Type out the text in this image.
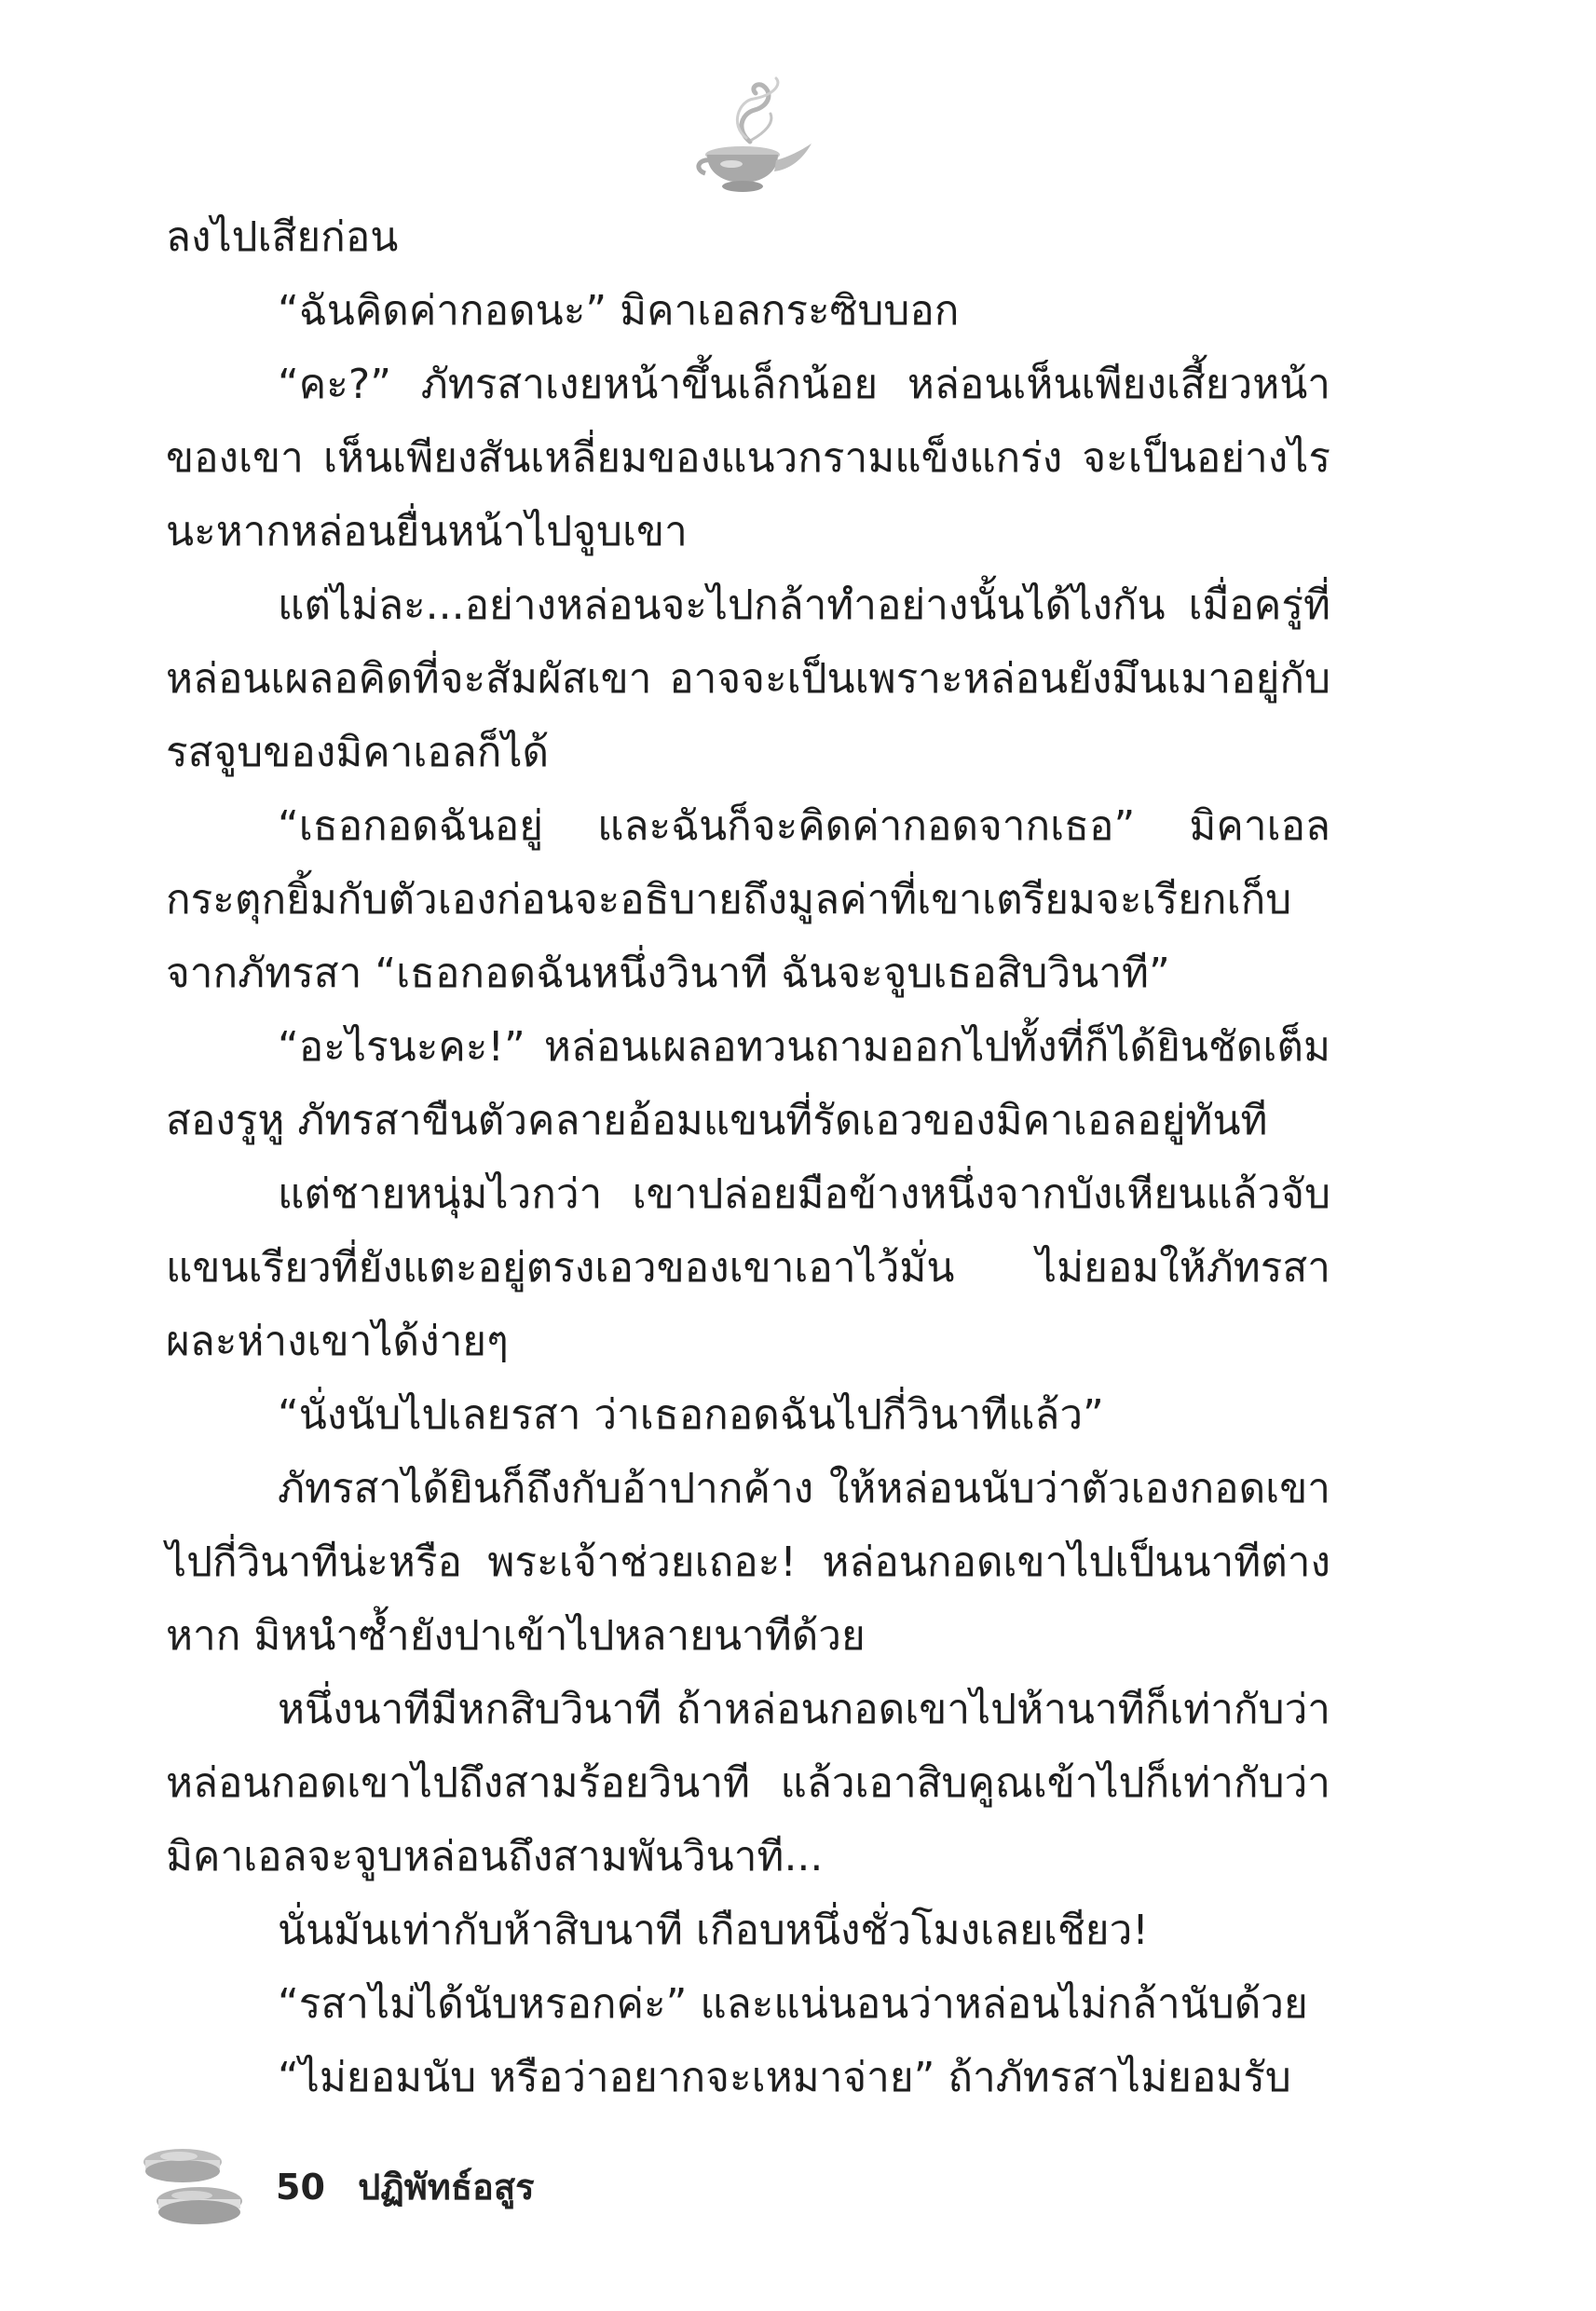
ลงไปเสียก่อน

“ฉันคิดค่ากอดนะ” มิคาเอลกระซิบบอก

“คะ?” ภัทรสาเงยหน้าขึ้นเล็กน้อย หล่อนเห็นเพียงเสี้ยวหน้าของเขา เห็นเพียงสันเหลี่ยมของแนวกรามแข็งแกร่ง จะเป็นอย่างไรนะหากหล่อนยื่นหน้าไปจูบเขา

แต่ไม่ละ...อย่างหล่อนจะไปกล้าทำอย่างนั้นได้ไงกัน เมื่อครู่ที่หล่อนเผลอคิดที่จะสัมผัสเขา อาจจะเป็นเพราะหล่อนยังมึนเมาอยู่กับรสจูบของมิคาเอลก็ได้

“เธอกอดฉันอยู่ และฉันก็จะคิดค่ากอดจากเธอ” มิคาเอลกระตุกยิ้มกับตัวเองก่อนจะอธิบายถึงมูลค่าที่เขาเตรียมจะเรียกเก็บจากภัทรสา “เธอกอดฉันหนึ่งวินาที ฉันจะจูบเธอสิบวินาที”

“อะไรนะคะ!” หล่อนเผลอทวนถามออกไปทั้งที่ก็ได้ยินชัดเต็มสองรูหู ภัทรสาขืนตัวคลายอ้อมแขนที่รัดเอวของมิคาเอลอยู่ทันที

แต่ชายหนุ่มไวกว่า เขาปล่อยมือข้างหนึ่งจากบังเหียนแล้วจับแขนเรียวที่ยังแตะอยู่ตรงเอวของเขาเอาไว้มั่น ไม่ยอมให้ภัทรสาผละห่างเขาได้ง่ายๆ

“นั่งนับไปเลยรสา ว่าเธอกอดฉันไปกี่วินาทีแล้ว”

ภัทรสาได้ยินก็ถึงกับอ้าปากค้าง ให้หล่อนนับว่าตัวเองกอดเขาไปกี่วินาทีน่ะหรือ พระเจ้าช่วยเถอะ! หล่อนกอดเขาไปเป็นนาทีต่างหาก มิหนำซ้ำยังปาเข้าไปหลายนาทีด้วย

หนึ่งนาทีมีหกสิบวินาที ถ้าหล่อนกอดเขาไปห้านาทีก็เท่ากับว่าหล่อนกอดเขาไปถึงสามร้อยวินาที แล้วเอาสิบคูณเข้าไปก็เท่ากับว่ามิคาเอลจะจูบหล่อนถึงสามพันวินาที...

นั่นมันเท่ากับห้าสิบนาที เกือบหนึ่งชั่วโมงเลยเชียว!

“รสาไม่ได้นับหรอกค่ะ” และแน่นอนว่าหล่อนไม่กล้านับด้วย

“ไม่ยอมนับ หรือว่าอยากจะเหมาจ่าย” ถ้าภัทรสาไม่ยอมรับ

50 ปฏิพัทธ์อสูร
